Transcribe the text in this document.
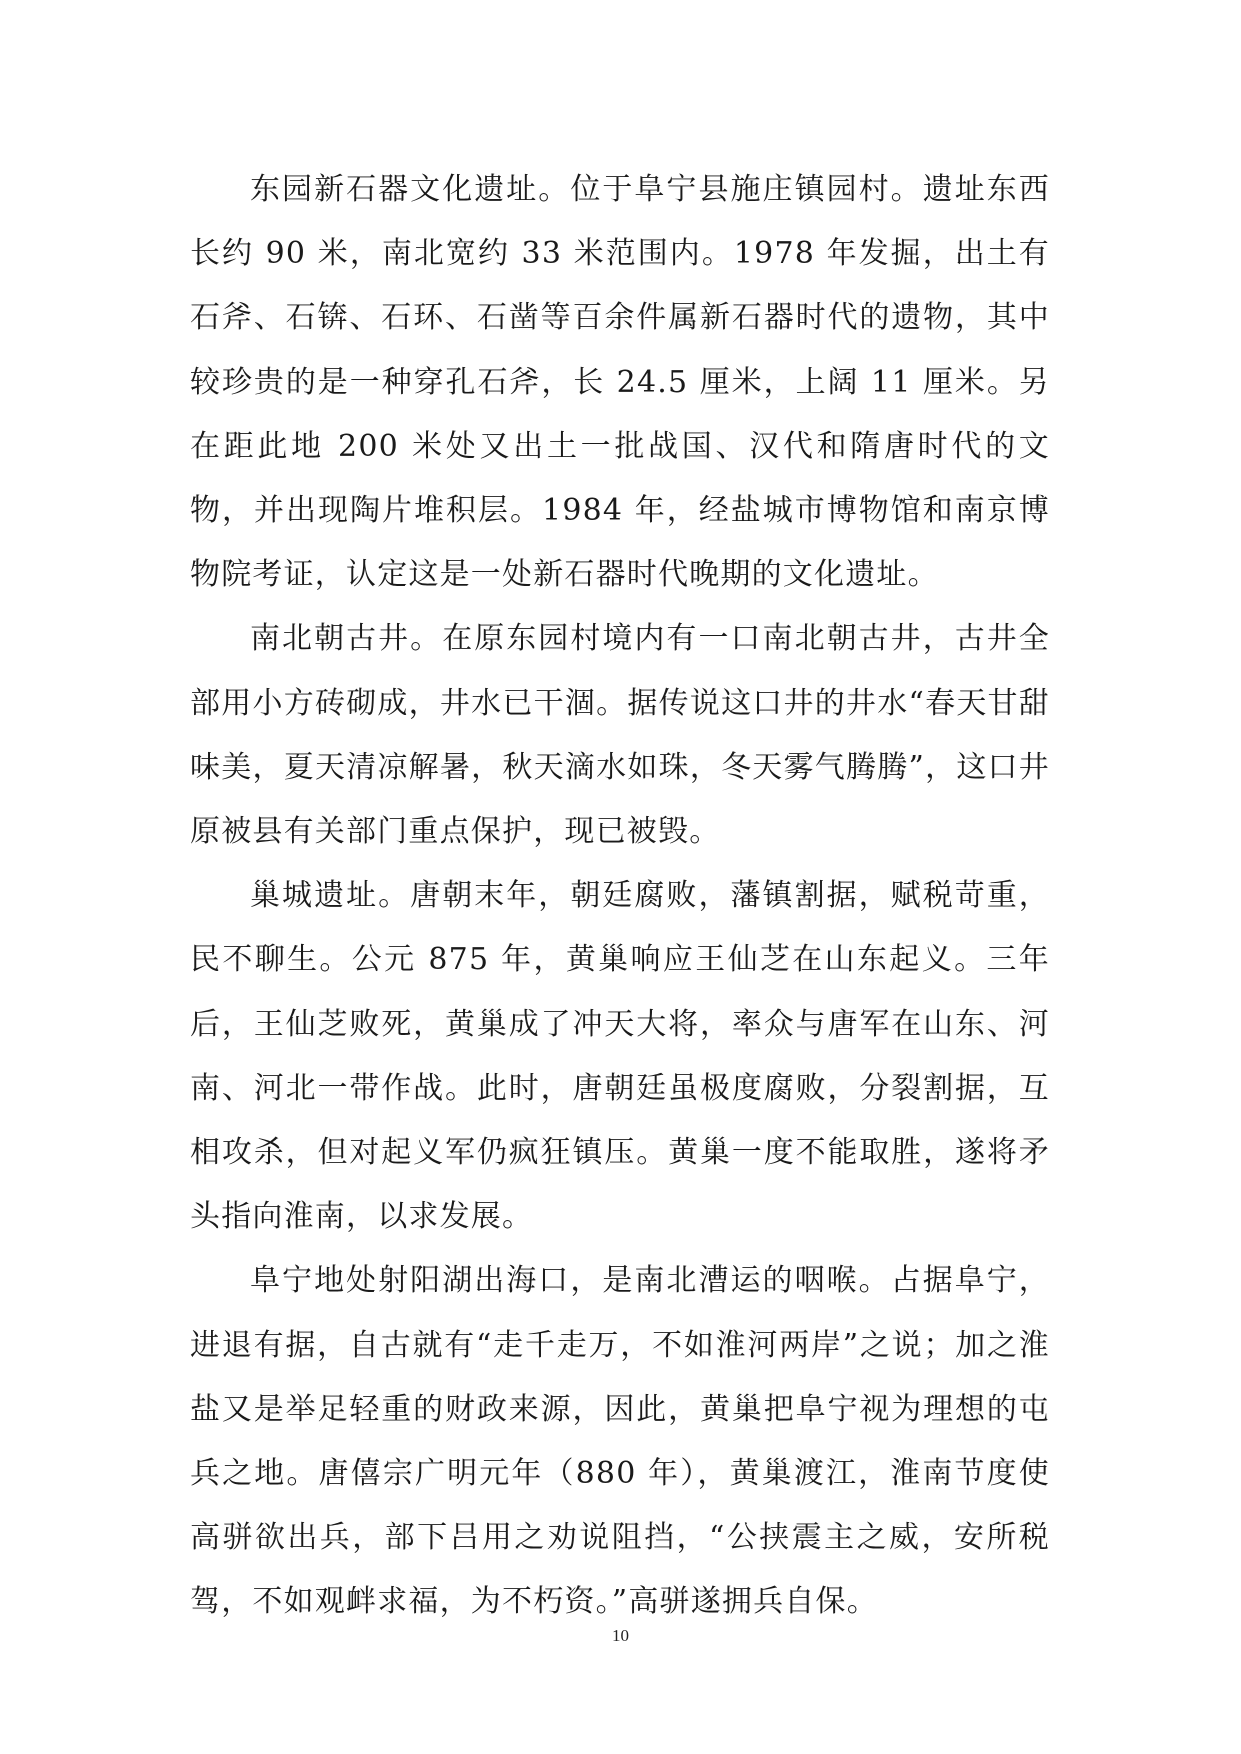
东园新石器文化遗址。位于阜宁县施庄镇园村。遗址东西长约 90 米，南北宽约 33 米范围内。1978 年发掘，出土有石斧、石锛、石环、石凿等百余件属新石器时代的遗物，其中较珍贵的是一种穿孔石斧，长 24.5 厘米，上阔 11 厘米。另在距此地 200 米处又出土一批战国、汉代和隋唐时代的文物，并出现陶片堆积层。1984 年，经盐城市博物馆和南京博物院考证，认定这是一处新石器时代晚期的文化遗址。

南北朝古井。在原东园村境内有一口南北朝古井，古井全部用小方砖砌成，井水已干涸。据传说这口井的井水“春天甘甜味美，夏天清凉解暑，秋天滴水如珠，冬天雾气腾腾”，这口井原被县有关部门重点保护，现已被毁。

巢城遗址。唐朝末年，朝廷腐败，藩镇割据，赋税苛重，民不聊生。公元 875 年，黄巢响应王仙芝在山东起义。三年后，王仙芝败死，黄巢成了冲天大将，率众与唐军在山东、河南、河北一带作战。此时，唐朝廷虽极度腐败，分裂割据，互相攻杀，但对起义军仍疯狂镇压。黄巢一度不能取胜，遂将矛头指向淮南，以求发展。

阜宁地处射阳湖出海口，是南北漕运的咽喉。占据阜宁，进退有据，自古就有“走千走万，不如淮河两岸”之说；加之淮盐又是举足轻重的财政来源，因此，黄巢把阜宁视为理想的屯兵之地。唐僖宗广明元年（880 年），黄巢渡江，淮南节度使高骈欲出兵，部下吕用之劝说阻挡，“公挟震主之威，安所税驾，不如观衅求福，为不朽资。”高骈遂拥兵自保。

10
